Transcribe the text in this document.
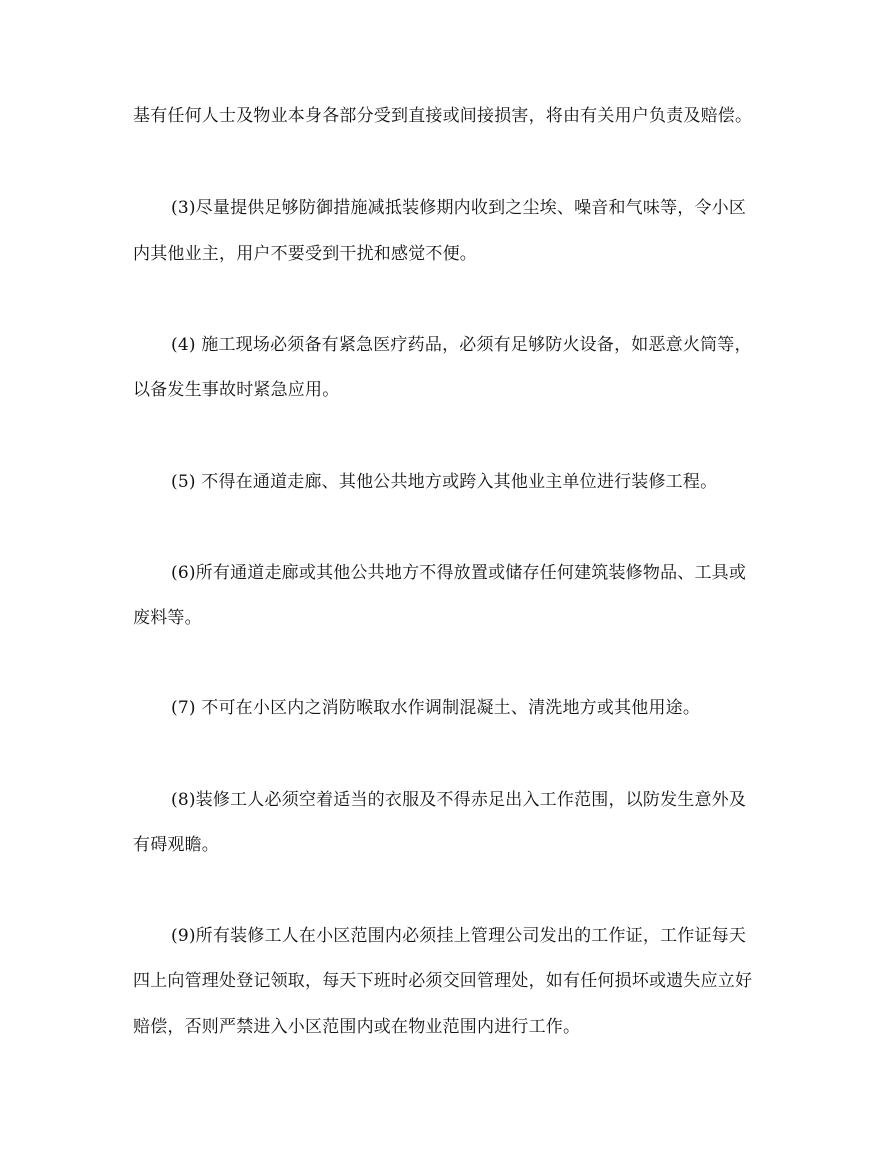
基有任何人士及物业本身各部分受到直接或间接损害，将由有关用户负责及赔偿。
(3)尽量提供足够防御措施减抵装修期内收到之尘埃、噪音和气味等，令小区
内其他业主，用户不要受到干扰和感觉不便。
(4) 施工现场必须备有紧急医疗药品，必须有足够防火设备，如恶意火筒等，
以备发生事故时紧急应用。
(5) 不得在通道走廊、其他公共地方或跨入其他业主单位进行装修工程。
(6)所有通道走廊或其他公共地方不得放置或储存任何建筑装修物品、工具或
废料等。
(7) 不可在小区内之消防喉取水作调制混凝土、清洗地方或其他用途。
(8)装修工人必须空着适当的衣服及不得赤足出入工作范围，以防发生意外及
有碍观瞻。
(9)所有装修工人在小区范围内必须挂上管理公司发出的工作证，工作证每天
四上向管理处登记领取，每天下班时必须交回管理处，如有任何损坏或遗失应立好
赔偿，否则严禁进入小区范围内或在物业范围内进行工作。
